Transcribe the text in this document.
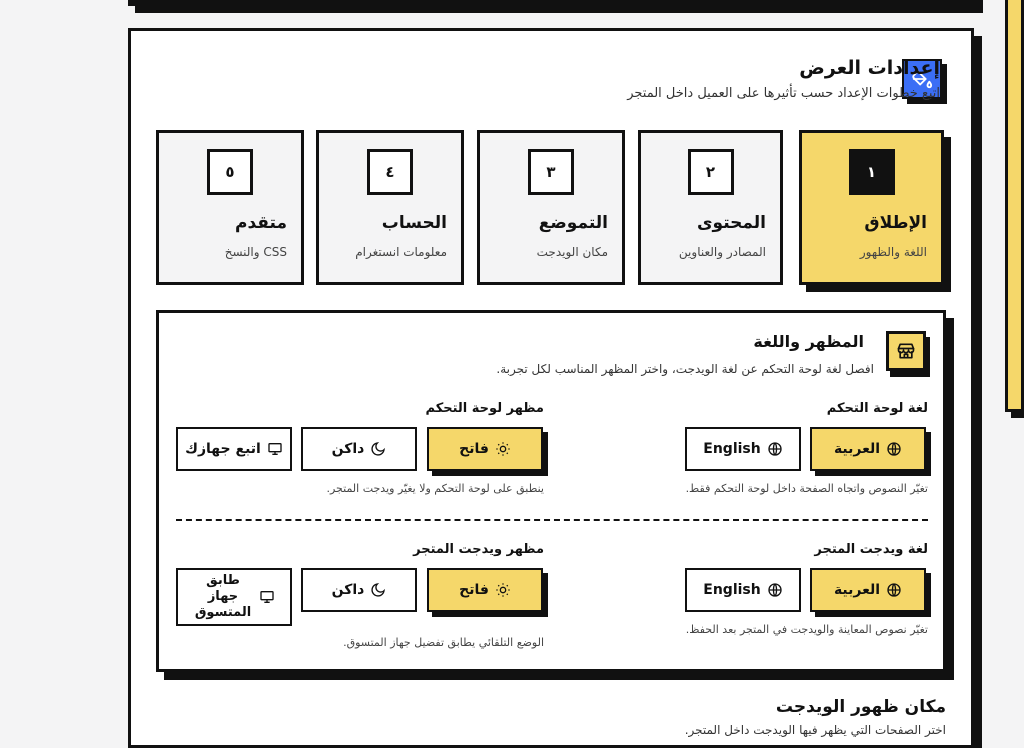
إعدادات العرض
اتبع خطوات الإعداد حسب تأثيرها على العميل داخل المتجر
١
الإطلاق
اللغة والظهور
٢
المحتوى
المصادر والعناوين
٣
التموضع
مكان الويدجت
٤
الحساب
معلومات انستغرام
٥
متقدم
CSS والنسخ
المظهر واللغة
افصل لغة لوحة التحكم عن لغة الويدجت، واختر المظهر المناسب لكل تجربة.
لغة لوحة التحكم
العربية
English
تغيّر النصوص واتجاه الصفحة داخل لوحة التحكم فقط.
مظهر لوحة التحكم
فاتح
داكن
اتبع جهازك
ينطبق على لوحة التحكم ولا يغيّر ويدجت المتجر.
لغة ويدجت المتجر
العربية
English
تغيّر نصوص المعاينة والويدجت في المتجر بعد الحفظ.
مظهر ويدجت المتجر
فاتح
داكن
طابق جهاز المتسوق
الوضع التلقائي يطابق تفضيل جهاز المتسوق.
مكان ظهور الويدجت
اختر الصفحات التي يظهر فيها الويدجت داخل المتجر.
